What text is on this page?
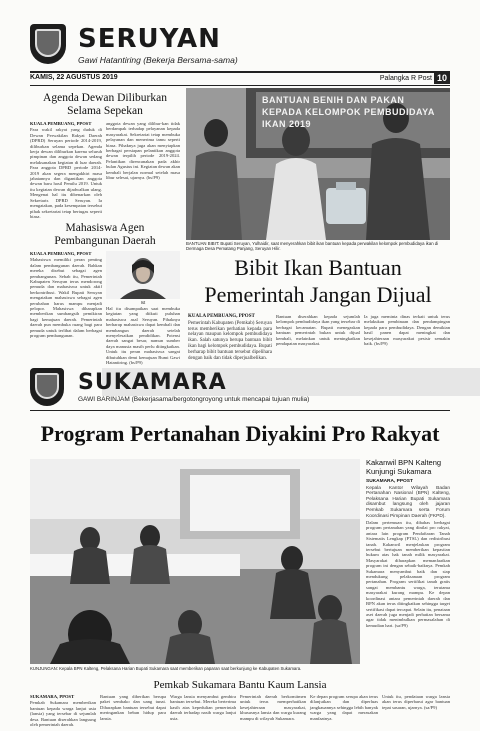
SERUYAN
Gawi Hatantiring (Bekerja Bersama-sama)
KAMIS, 22 AGUSTUS 2019	Palangka R Post 10
Agenda Dewan Diliburkan
Selama Sepekan

KUALA PEMBUANG, PPOST

Para wakil rakyat yang duduk di Dewan Perwakilan Rakyat Daerah (DPRD) Seruyan periode 2014-2019, diliburkan selama sepekan. Agenda kerja dewan diliburkan karena seluruh pimpinan dan anggota dewan sedang melaksanakan kegiatan di luar daerah. Para anggota DPRD periode 2014-2019 akan segera mengakhiri masa jabatannya dan digantikan anggota dewan baru hasil Pemilu 2019. Untuk itu kegiatan dewan dijadwalkan ulang. Mengenai hal itu dibenarkan oleh Sekretaris DPRD Seruyan. Ia mengatakan, pada kesempatan tersebut pihak sekretariat tetap bertugas seperti biasa.

anggota dewan yang dilibur-kan tidak berdampak terhadap pelayanan kepada masyarakat. Sekretariat tetap membuka pelayanan dan menerima tamu seperti biasa. Pihaknya juga akan menyiapkan berbagai persiapan pelantikan anggota dewan terpilih periode 2019-2024. Pelantikan direncanakan pada akhir bulan Agustus ini. Kegiatan dewan akan kembali berjalan normal setelah masa libur selesai, ujarnya. (bs/P9)

Mahasiswa Agen
Pembangunan Daerah

KUALA PEMBUANG, PPOST

Mahasiswa memiliki peran penting dalam pembangunan daerah. Bahkan mereka disebut sebagai agen pembangunan. Sebab itu, Pemerintah Kabupaten Seruyan terus mendorong pemuda dan mahasiswa untuk aktif berkontribusi. Wakil Bupati Seruyan mengatakan mahasiswa sebagai agen perubahan harus mampu menjadi pelopor. Mahasiswa diharapkan memberikan sumbangsih pemikiran bagi kemajuan daerah. Pemerintah daerah pun membuka ruang bagi para pemuda untuk terlibat dalam berbagai program pembangunan.

Ist

Hal itu disampaikan saat membuka kegiatan yang diikuti puluhan mahasiswa asal Seruyan. Pihaknya berharap mahasiswa dapat kembali dan membangun daerah setelah menyelesaikan pendidikan. Potensi daerah sangat besar, namun sumber daya manusia masih perlu ditingkatkan. Untuk itu peran mahasiswa sangat dibutuhkan demi kemajuan Bumi Gawi Hatantiring. (bs/P9)

BANTUAN BENIH DAN PAKAN KEPADA KELOMPOK PEMBUDIDAYA IKAN 2019
BANTUAN BIBIT: Bupati Seruyan, Yulhaidir, saat menyerahkan bibit ikan bantuan kepada perwakilan kelompok pembudidaya ikan di Dermaga Desa Pematang Panjang, Seruyan Hilir.
Bibit Ikan Bantuan
Pemerintah Jangan Dijual

KUALA PEMBUANG, PPOST

Pemerintah Kabupaten (Pemkab) Seruyan terus memberikan perhatian kepada para nelayan maupun kelompok pembudidaya ikan. Salah satunya berupa bantuan bibit ikan bagi kelompok pembudidaya. Bupati berharap bibit bantuan tersebut dipelihara dengan baik dan tidak diperjualbelikan.

Bantuan diserahkan kepada sejumlah kelompok pembudidaya ikan yang tersebar di berbagai kecamatan. Bupati menegaskan bantuan pemerintah bukan untuk dijual kembali, melainkan untuk meningkatkan pendapatan masyarakat.

Ia juga meminta dinas terkait untuk terus melakukan pembinaan dan pendampingan kepada para pembudidaya. Dengan demikian hasil panen dapat meningkat dan kesejahteraan masyarakat pesisir semakin baik. (bs/P9)

SUKAMARA
GAWI BARINJAM (Bekerjasama/bergotongroyong untuk mencapai tujuan mulia)
Program Pertanahan Diyakini Pro Rakyat
KUNJUNGAN: Kepala BPN Kalteng, Pelaksana Harian Bupati Sukamara saat memberikan paparan saat berkunjung ke Kabupaten Sukamara.
Kakanwil BPN Kalteng
Kunjungi Sukamara

SUKAMARA, PPOST

Kepala Kantor Wilayah Badan Pertanahan Nasional (BPN) Kalteng, Pelaksana Harian Bupati Sukamara disambut langsung oleh jajaran Pemkab Sukamara serta Forum Koordinasi Pimpinan Daerah (FKPD).

Dalam pertemuan itu, dibahas berbagai program pertanahan yang dinilai pro rakyat, antara lain program Pendaftaran Tanah Sistematis Lengkap (PTSL) dan redistribusi tanah. Kakanwil menjelaskan program tersebut bertujuan memberikan kepastian hukum atas hak tanah milik masyarakat. Masyarakat diharapkan memanfaatkan program ini dengan sebaik-baiknya. Pemkab Sukamara menyambut baik dan siap mendukung pelaksanaan program pertanahan. Program sertifikat tanah gratis sangat membantu warga, terutama masyarakat kurang mampu. Ke depan koordinasi antara pemerintah daerah dan BPN akan terus ditingkatkan sehingga target sertifikasi dapat tercapai. Selain itu, penataan aset daerah juga menjadi perhatian bersama agar tidak menimbulkan permasalahan di kemudian hari. (sa/P9)

Pemkab Sukamara Bantu Kaum Lansia

SUKAMARA, PPOST

Pemkab Sukamara memberikan bantuan kepada warga lanjut usia (lansia) yang tersebar di sejumlah desa. Bantuan diserahkan langsung oleh pemerintah daerah.

Bantuan yang diberikan berupa paket sembako dan uang tunai. Diharapkan bantuan tersebut dapat meringankan beban hidup para lansia.

Warga lansia menyambut gembira bantuan tersebut. Mereka berterima kasih atas kepedulian pemerintah daerah terhadap nasib warga lanjut usia.

Pemerintah daerah berkomitmen untuk terus memperhatikan kesejahteraan masyarakat, khususnya lansia dan warga kurang mampu di wilayah Sukamara.

Ke depan program serupa akan terus dilanjutkan dan diperluas jangkauannya sehingga lebih banyak warga yang dapat merasakan manfaatnya.

Untuk itu, pendataan warga lansia akan terus diperbarui agar bantuan tepat sasaran, ujarnya. (sa/P9)
